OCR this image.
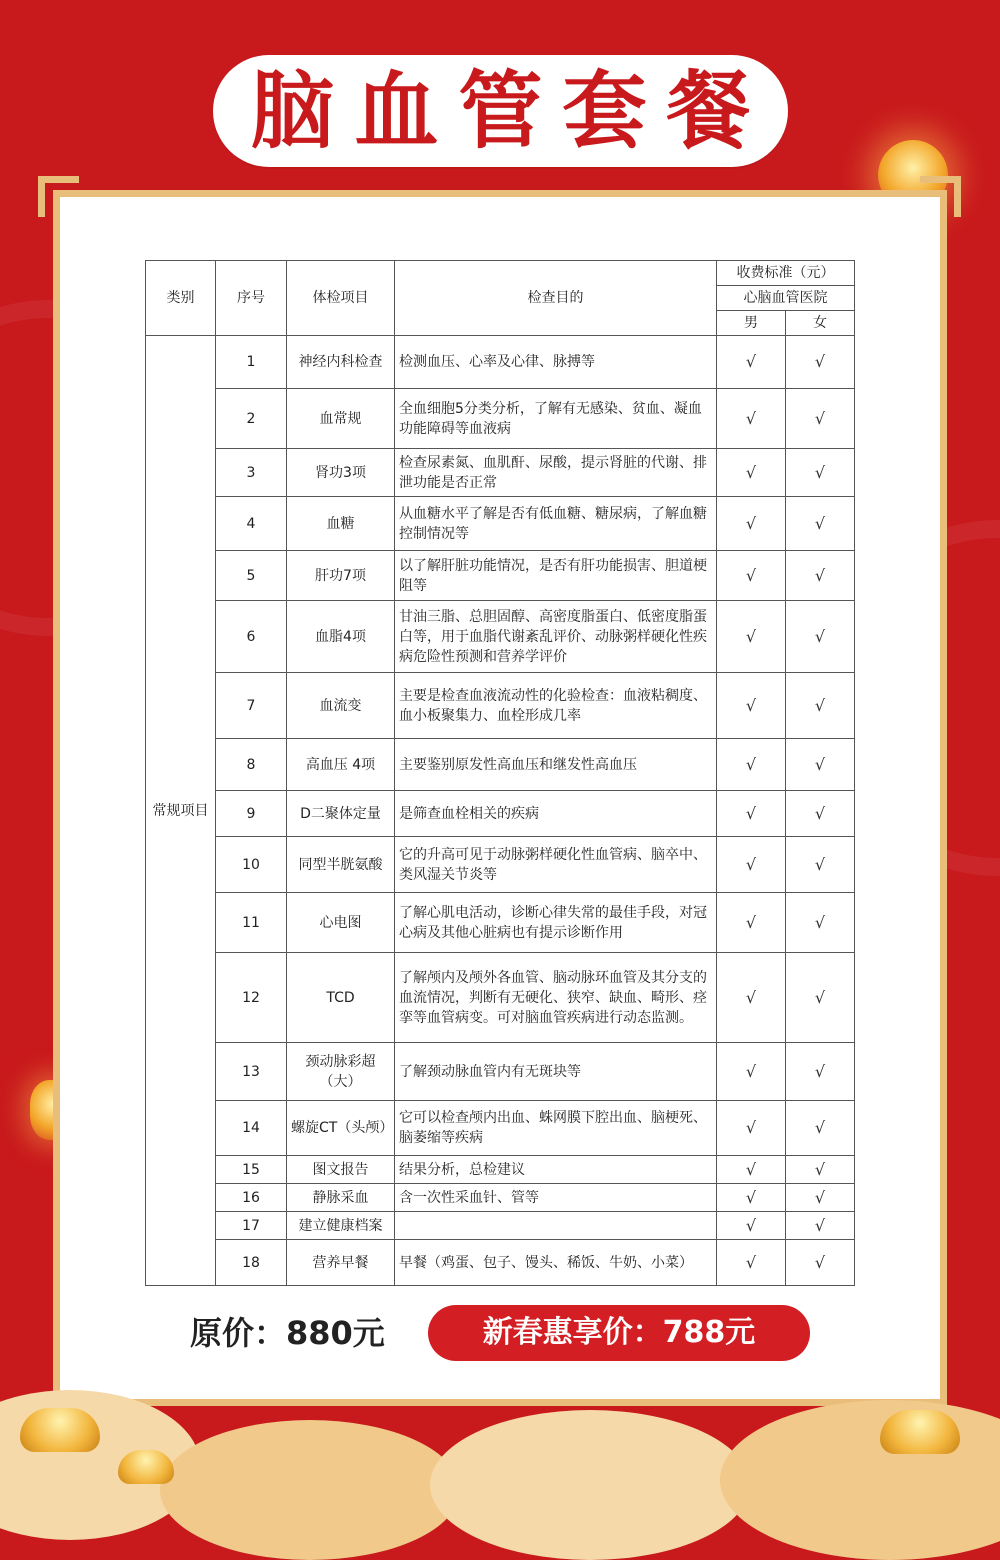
脑血管套餐
类别	序号	体检项目	检查目的	收费标准（元）	
				心脑血管医院	
				男	女
常规项目	1	神经内科检查	检测血压、心率及心律、脉搏等	√	√
	2	血常规	全血细胞5分类分析，了解有无感染、贫血、凝血功能障碍等血液病	√	√
	3	肾功3项	检查尿素氮、血肌酐、尿酸，提示肾脏的代谢、排泄功能是否正常	√	√
	4	血糖	从血糖水平了解是否有低血糖、糖尿病，了解血糖控制情况等	√	√
	5	肝功7项	以了解肝脏功能情况，是否有肝功能损害、胆道梗阻等	√	√
	6	血脂4项	甘油三脂、总胆固醇、高密度脂蛋白、低密度脂蛋白等，用于血脂代谢紊乱评价、动脉粥样硬化性疾病危险性预测和营养学评价	√	√
	7	血流变	主要是检查血液流动性的化验检查：血液粘稠度、血小板聚集力、血栓形成几率	√	√
	8	高血压 4项	主要鉴别原发性高血压和继发性高血压	√	√
	9	D二聚体定量	是筛查血栓相关的疾病	√	√
	10	同型半胱氨酸	它的升高可见于动脉粥样硬化性血管病、脑卒中、类风湿关节炎等	√	√
	11	心电图	了解心肌电活动，诊断心律失常的最佳手段，对冠心病及其他心脏病也有提示诊断作用	√	√
	12	TCD	了解颅内及颅外各血管、脑动脉环血管及其分支的血流情况，判断有无硬化、狭窄、缺血、畸形、痉挛等血管病变。可对脑血管疾病进行动态监测。	√	√
	13	颈动脉彩超（大）	了解颈动脉血管内有无斑块等	√	√
	14	螺旋CT（头颅）	它可以检查颅内出血、蛛网膜下腔出血、脑梗死、脑萎缩等疾病	√	√
	15	图文报告	结果分析，总检建议	√	√
	16	静脉采血	含一次性采血针、管等	√	√
	17	建立健康档案		√	√
	18	营养早餐	早餐（鸡蛋、包子、馒头、稀饭、牛奶、小菜）	√	√
原价：880元	新春惠享价：788元
